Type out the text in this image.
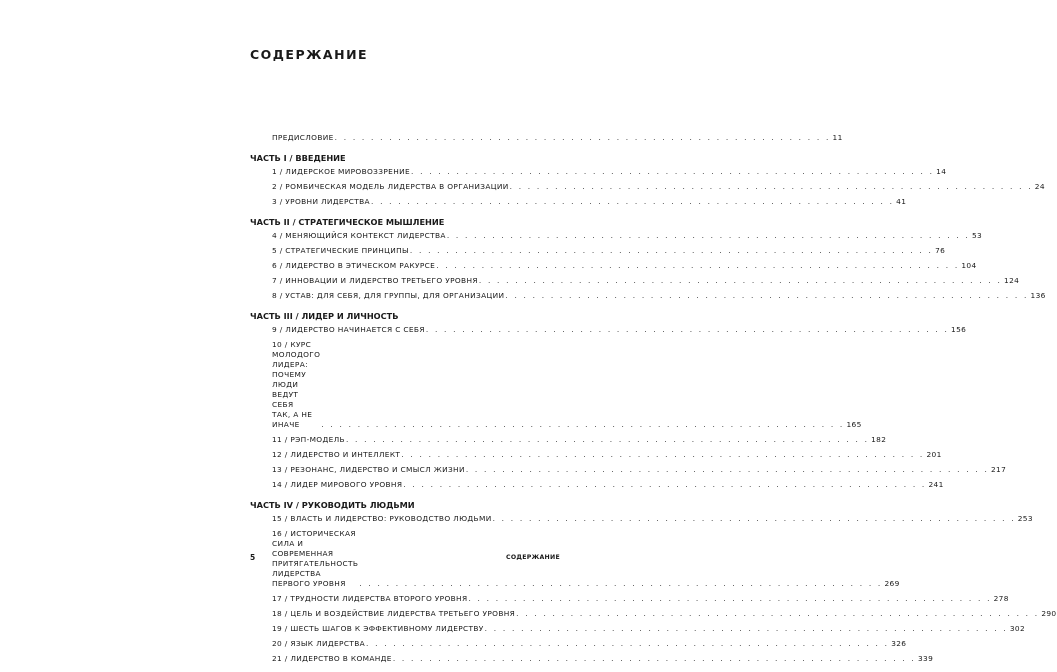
СОДЕРЖАНИЕ
ПРЕДИСЛОВИЕ . . . . . . . . . . . . . . . . . . . . . . . . . . . . . . . . . . . . . . . . . . . . . . . . . . . . . . . 11
ЧАСТЬ I / ВВЕДЕНИЕ
1 / ЛИДЕРСКОЕ МИРОВОЗЗРЕНИЕ . . . . . . . . . . . . . . . . . . . . . . . . . . . . . . . . . . . . . . . . . . . . . . . . . . . . . . . . . . 14
2 / РОМБИЧЕСКАЯ МОДЕЛЬ ЛИДЕРСТВА В ОРГАНИЗАЦИИ . . . . . . . . . . . . . . . . . . . . . . . . . . . . . . . . . . . . . . . . . . . . . . . . . . . . . . . . . . 24
3 / УРОВНИ ЛИДЕРСТВА . . . . . . . . . . . . . . . . . . . . . . . . . . . . . . . . . . . . . . . . . . . . . . . . . . . . . . . . . . 41
ЧАСТЬ II / СТРАТЕГИЧЕСКОЕ МЫШЛЕНИЕ
4 / МЕНЯЮЩИЙСЯ КОНТЕКСТ ЛИДЕРСТВА . . . . . . . . . . . . . . . . . . . . . . . . . . . . . . . . . . . . . . . . . . . . . . . . . . . . . . . . . . 53
5 / СТРАТЕГИЧЕСКИЕ ПРИНЦИПЫ . . . . . . . . . . . . . . . . . . . . . . . . . . . . . . . . . . . . . . . . . . . . . . . . . . . . . . . . . . 76
6 / ЛИДЕРСТВО В ЭТИЧЕСКОМ РАКУРСЕ . . . . . . . . . . . . . . . . . . . . . . . . . . . . . . . . . . . . . . . . . . . . . . . . . . . . . . . . . . 104
7 / ИННОВАЦИИ И ЛИДЕРСТВО ТРЕТЬЕГО УРОВНЯ . . . . . . . . . . . . . . . . . . . . . . . . . . . . . . . . . . . . . . . . . . . . . . . . . . . . . . . . . . 124
8 / УСТАВ: ДЛЯ СЕБЯ, ДЛЯ ГРУППЫ, ДЛЯ ОРГАНИЗАЦИИ . . . . . . . . . . . . . . . . . . . . . . . . . . . . . . . . . . . . . . . . . . . . . . . . . . . . . . . . . . 136
ЧАСТЬ III / ЛИДЕР И ЛИЧНОСТЬ
9 / ЛИДЕРСТВО НАЧИНАЕТСЯ С СЕБЯ . . . . . . . . . . . . . . . . . . . . . . . . . . . . . . . . . . . . . . . . . . . . . . . . . . . . . . . . . . 156
10 / КУРС МОЛОДОГО ЛИДЕРА: ПОЧЕМУ ЛЮДИ ВЕДУТ СЕБЯ
ТАК, А НЕ ИНАЧЕ	. . . . . . . . . . . . . . . . . . . . . . . . . . . . . . . . . . . . . . . . . . . . . . . . . . . . . . . . . . 165
11 / РЭП-МОДЕЛЬ . . . . . . . . . . . . . . . . . . . . . . . . . . . . . . . . . . . . . . . . . . . . . . . . . . . . . . . . . . 182
12 / ЛИДЕРСТВО И ИНТЕЛЛЕКТ . . . . . . . . . . . . . . . . . . . . . . . . . . . . . . . . . . . . . . . . . . . . . . . . . . . . . . . . . . 201
13 / РЕЗОНАНС, ЛИДЕРСТВО И СМЫСЛ ЖИЗНИ . . . . . . . . . . . . . . . . . . . . . . . . . . . . . . . . . . . . . . . . . . . . . . . . . . . . . . . . . . 217
14 / ЛИДЕР МИРОВОГО УРОВНЯ . . . . . . . . . . . . . . . . . . . . . . . . . . . . . . . . . . . . . . . . . . . . . . . . . . . . . . . . . . 241
ЧАСТЬ IV / РУКОВОДИТЬ ЛЮДЬМИ
15 / ВЛАСТЬ И ЛИДЕРСТВО: РУКОВОДСТВО ЛЮДЬМИ . . . . . . . . . . . . . . . . . . . . . . . . . . . . . . . . . . . . . . . . . . . . . . . . . . . . . . . . . . 253
16 / ИСТОРИЧЕСКАЯ СИЛА И СОВРЕМЕННАЯ
ПРИТЯГАТЕЛЬНОСТЬ ЛИДЕРСТВА ПЕРВОГО УРОВНЯ	. . . . . . . . . . . . . . . . . . . . . . . . . . . . . . . . . . . . . . . . . . . . . . . . . . . . . . . . . . 269
17 / ТРУДНОСТИ ЛИДЕРСТВА ВТОРОГО УРОВНЯ . . . . . . . . . . . . . . . . . . . . . . . . . . . . . . . . . . . . . . . . . . . . . . . . . . . . . . . . . . 278
18 / ЦЕЛЬ И ВОЗДЕЙСТВИЕ ЛИДЕРСТВА ТРЕТЬЕГО УРОВНЯ . . . . . . . . . . . . . . . . . . . . . . . . . . . . . . . . . . . . . . . . . . . . . . . . . . . . . . . . . . 290
19 / ШЕСТЬ ШАГОВ К ЭФФЕКТИВНОМУ ЛИДЕРСТВУ . . . . . . . . . . . . . . . . . . . . . . . . . . . . . . . . . . . . . . . . . . . . . . . . . . . . . . . . . . 302
20 / ЯЗЫК ЛИДЕРСТВА . . . . . . . . . . . . . . . . . . . . . . . . . . . . . . . . . . . . . . . . . . . . . . . . . . . . . . . . . . 326
21 / ЛИДЕРСТВО В КОМАНДЕ . . . . . . . . . . . . . . . . . . . . . . . . . . . . . . . . . . . . . . . . . . . . . . . . . . . . . . . . . . 339
5	СОДЕРЖАНИЕ
